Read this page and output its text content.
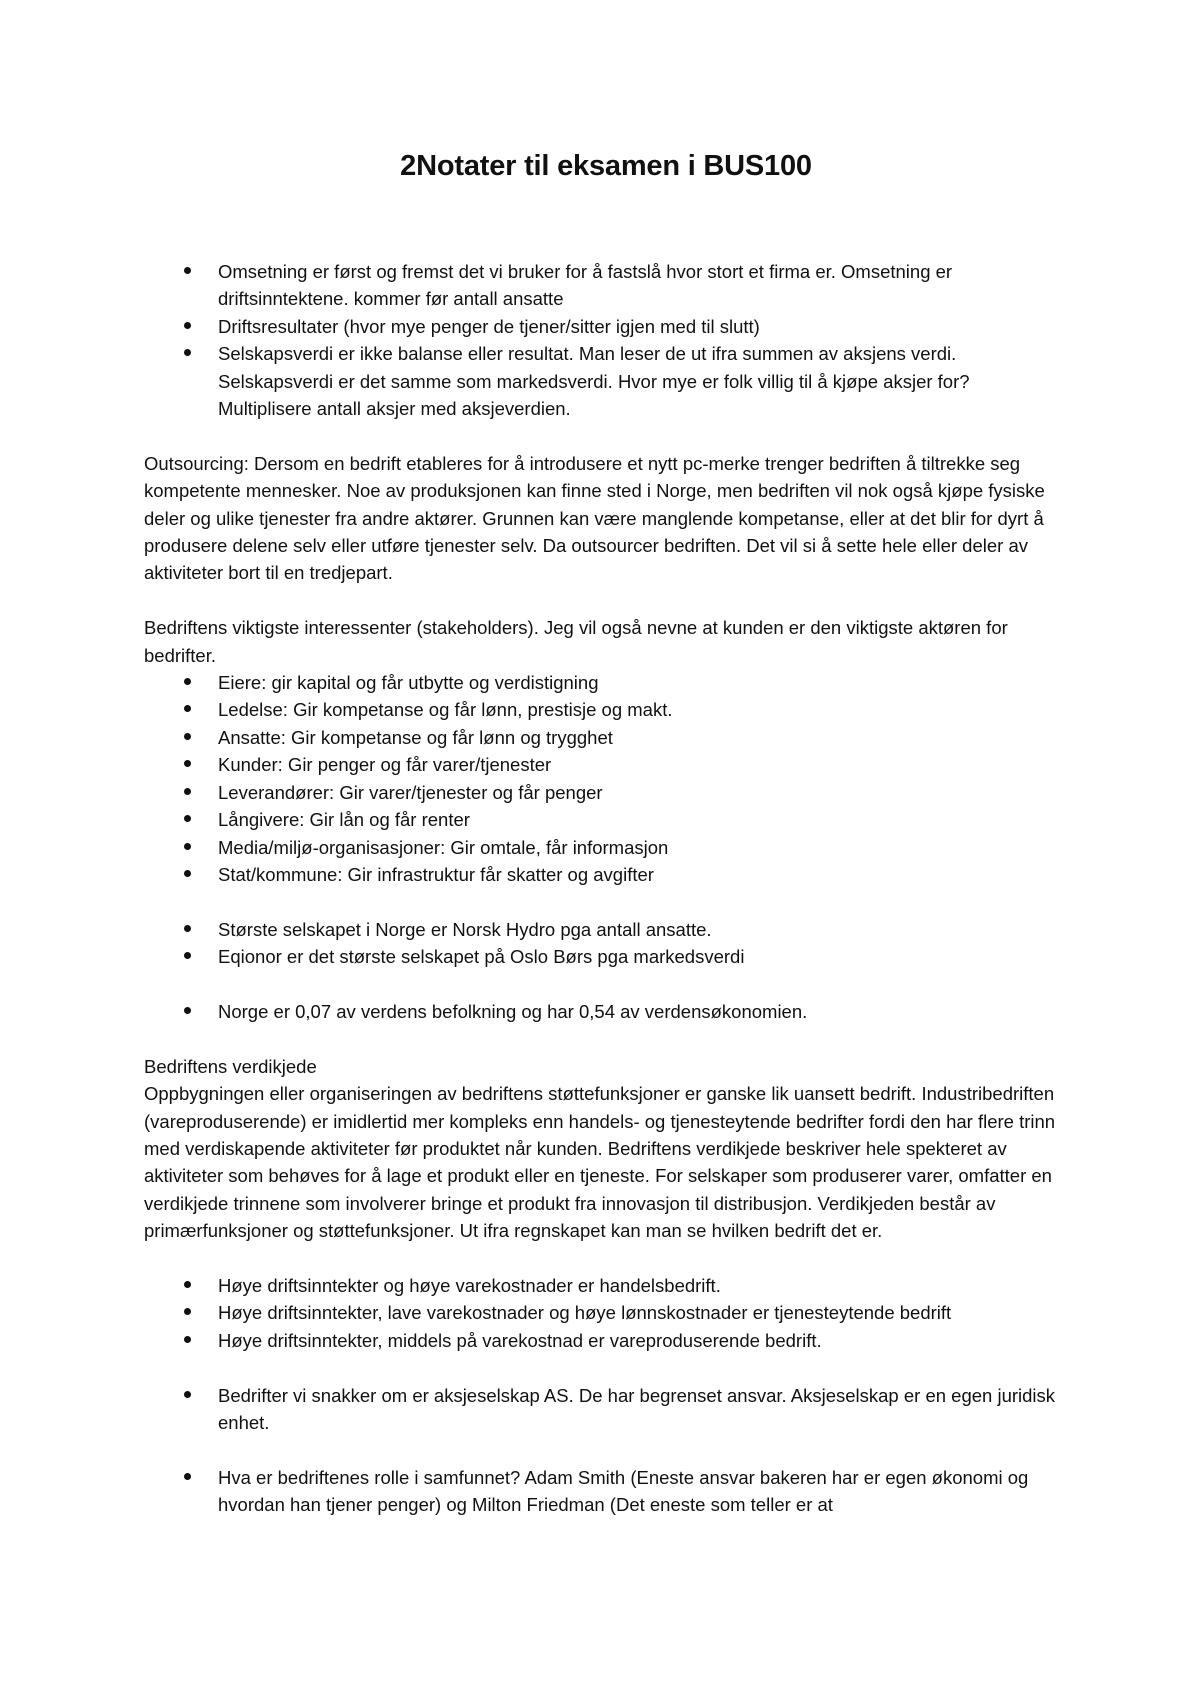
2Notater til eksamen i BUS100
Omsetning er først og fremst det vi bruker for å fastslå hvor stort et firma er. Omsetning er driftsinntektene. kommer før antall ansatte
Driftsresultater (hvor mye penger de tjener/sitter igjen med til slutt)
Selskapsverdi er ikke balanse eller resultat. Man leser de ut ifra summen av aksjens verdi. Selskapsverdi er det samme som markedsverdi. Hvor mye er folk villig til å kjøpe aksjer for? Multiplisere antall aksjer med aksjeverdien.

Outsourcing: Dersom en bedrift etableres for å introdusere et nytt pc-merke trenger bedriften å tiltrekke seg kompetente mennesker. Noe av produksjonen kan finne sted i Norge, men bedriften vil nok også kjøpe fysiske deler og ulike tjenester fra andre aktører. Grunnen kan være manglende kompetanse, eller at det blir for dyrt å produsere delene selv eller utføre tjenester selv. Da outsourcer bedriften. Det vil si å sette hele eller deler av aktiviteter bort til en tredjepart.

Bedriftens viktigste interessenter (stakeholders). Jeg vil også nevne at kunden er den viktigste aktøren for bedrifter.

Eiere: gir kapital og får utbytte og verdistigning
Ledelse: Gir kompetanse og får lønn, prestisje og makt.
Ansatte: Gir kompetanse og får lønn og trygghet
Kunder: Gir penger og får varer/tjenester
Leverandører: Gir varer/tjenester og får penger
Långivere: Gir lån og får renter
Media/miljø-organisasjoner: Gir omtale, får informasjon
Stat/kommune: Gir infrastruktur får skatter og avgifter
Største selskapet i Norge er Norsk Hydro pga antall ansatte.
Eqionor er det største selskapet på Oslo Børs pga markedsverdi
Norge er 0,07 av verdens befolkning og har 0,54 av verdensøkonomien.

Bedriftens verdikjede

Oppbygningen eller organiseringen av bedriftens støttefunksjoner er ganske lik uansett bedrift. Industribedriften (vareproduserende) er imidlertid mer kompleks enn handels- og tjenesteytende bedrifter fordi den har flere trinn med verdiskapende aktiviteter før produktet når kunden. Bedriftens verdikjede beskriver hele spekteret av aktiviteter som behøves for å lage et produkt eller en tjeneste. For selskaper som produserer varer, omfatter en verdikjede trinnene som involverer bringe et produkt fra innovasjon til distribusjon. Verdikjeden består av primærfunksjoner og støttefunksjoner. Ut ifra regnskapet kan man se hvilken bedrift det er.

Høye driftsinntekter og høye varekostnader er handelsbedrift.
Høye driftsinntekter, lave varekostnader og høye lønnskostnader er tjenesteytende bedrift
Høye driftsinntekter, middels på varekostnad er vareproduserende bedrift.
Bedrifter vi snakker om er aksjeselskap AS. De har begrenset ansvar. Aksjeselskap er en egen juridisk enhet.
Hva er bedriftenes rolle i samfunnet? Adam Smith (Eneste ansvar bakeren har er egen økonomi og hvordan han tjener penger) og Milton Friedman (Det eneste som teller er at
